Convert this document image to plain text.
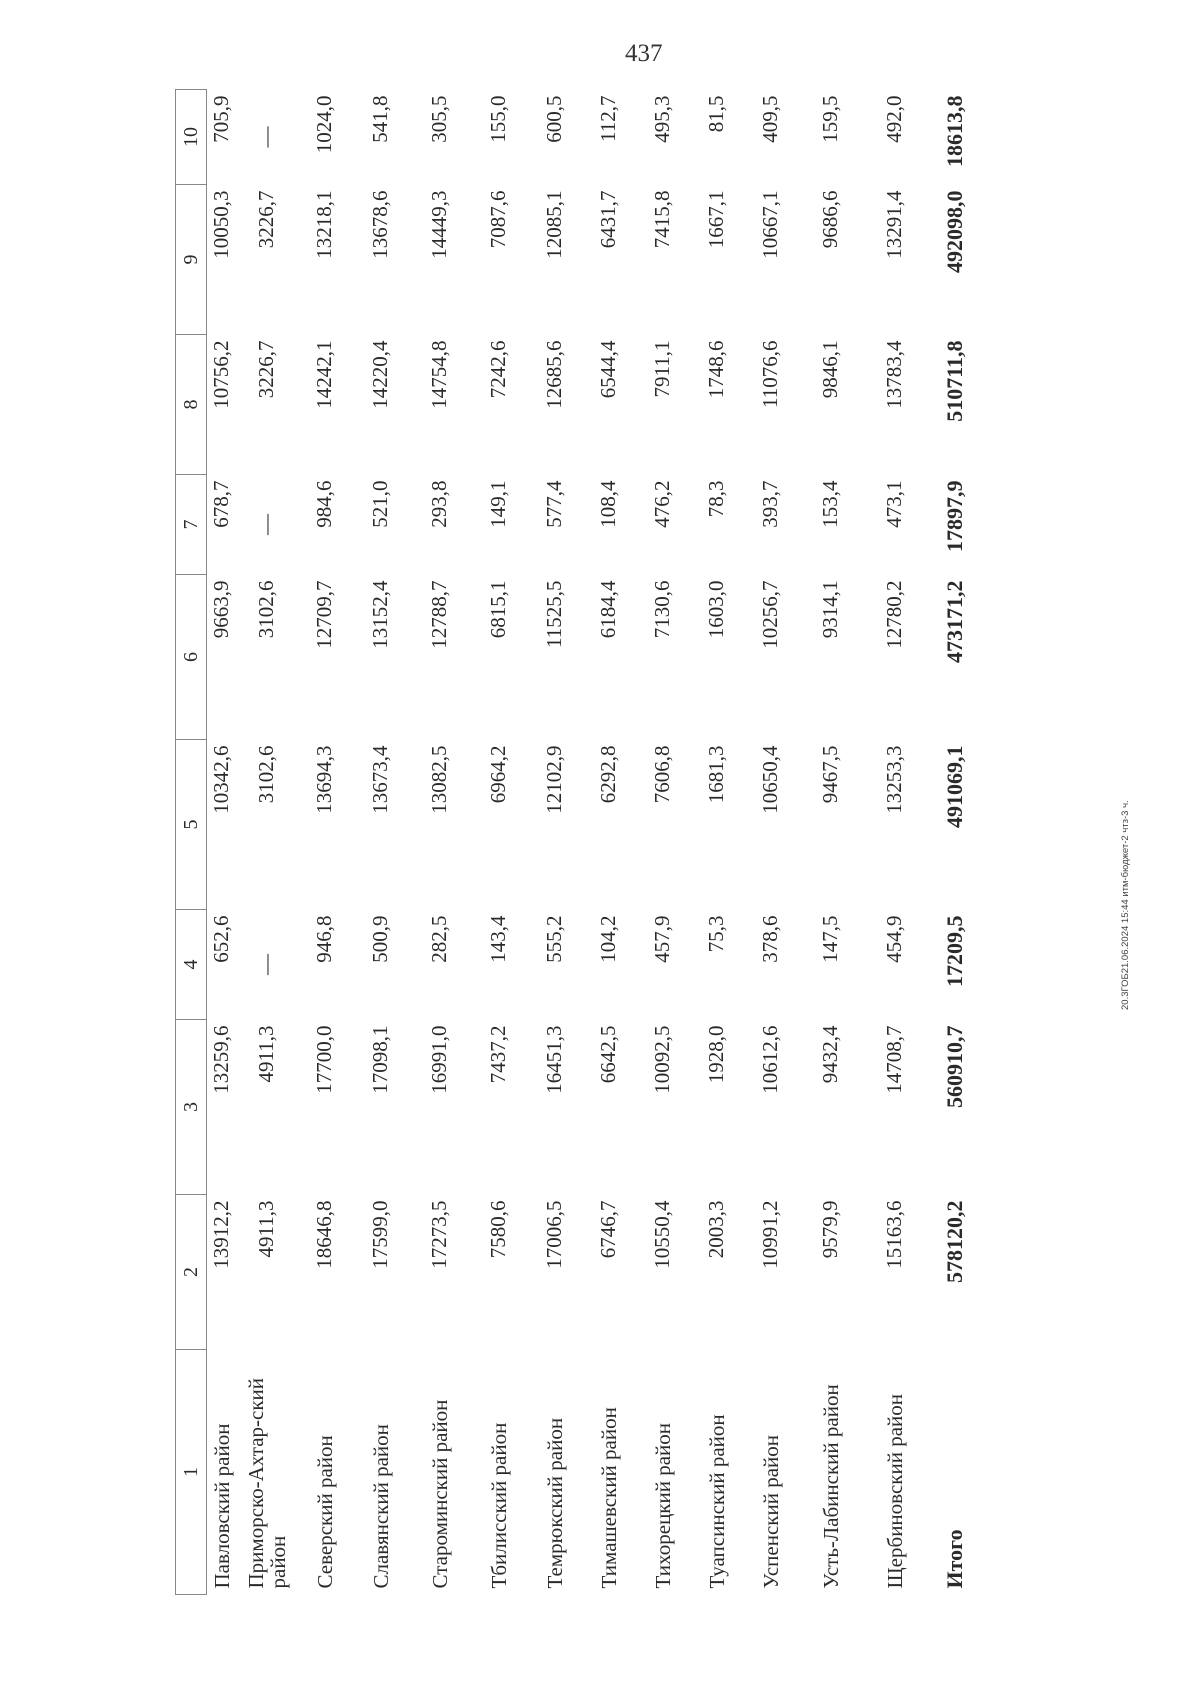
437
20.3ГОБ21.06.2024 15:44 итм-бюджет-2 чтз-3 ч.
1	2	3	4	5	6	7	8	9	10
Павловский район	13912,2	13259,6	652,6	10342,6	9663,9	678,7	10756,2	10050,3	705,9
Приморско-Ахтар-ский район	4911,3	4911,3	—	3102,6	3102,6	—	3226,7	3226,7	—
Северский район	18646,8	17700,0	946,8	13694,3	12709,7	984,6	14242,1	13218,1	1024,0
Славянский район	17599,0	17098,1	500,9	13673,4	13152,4	521,0	14220,4	13678,6	541,8
Староминский район	17273,5	16991,0	282,5	13082,5	12788,7	293,8	14754,8	14449,3	305,5
Тбилисский район	7580,6	7437,2	143,4	6964,2	6815,1	149,1	7242,6	7087,6	155,0
Темрюкский район	17006,5	16451,3	555,2	12102,9	11525,5	577,4	12685,6	12085,1	600,5
Тимашевский район	6746,7	6642,5	104,2	6292,8	6184,4	108,4	6544,4	6431,7	112,7
Тихорецкий район	10550,4	10092,5	457,9	7606,8	7130,6	476,2	7911,1	7415,8	495,3
Туапсинский район	2003,3	1928,0	75,3	1681,3	1603,0	78,3	1748,6	1667,1	81,5
Успенский район	10991,2	10612,6	378,6	10650,4	10256,7	393,7	11076,6	10667,1	409,5
Усть-Лабинский район	9579,9	9432,4	147,5	9467,5	9314,1	153,4	9846,1	9686,6	159,5
Щербиновский район	15163,6	14708,7	454,9	13253,3	12780,2	473,1	13783,4	13291,4	492,0
Итого	578120,2	560910,7	17209,5	491069,1	473171,2	17897,9	510711,8	492098,0	18613,8
